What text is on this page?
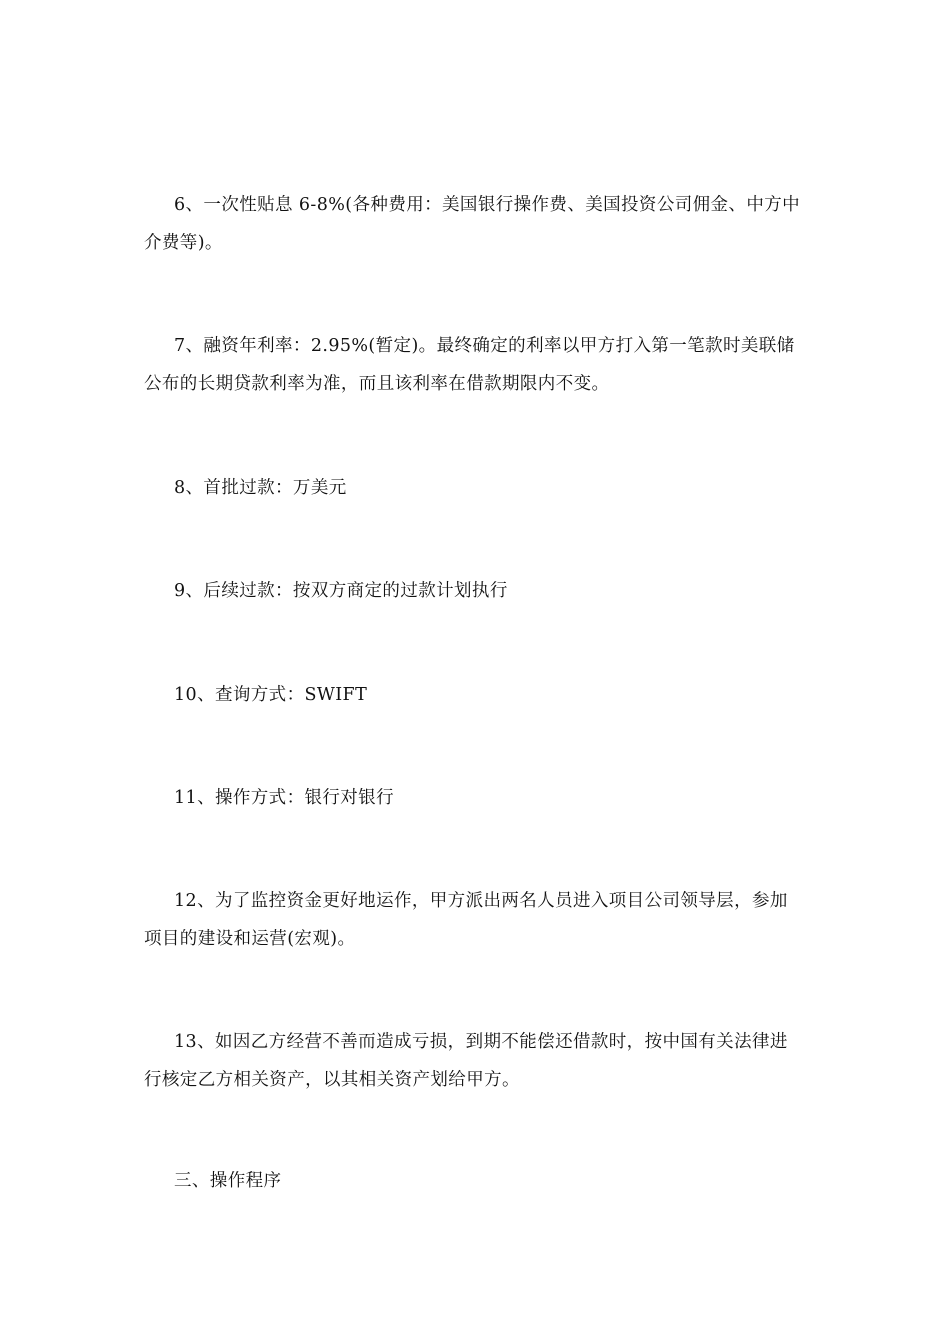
6、一次性贴息 6-8%(各种费用：美国银行操作费、美国投资公司佣金、中方中介费等)。

7、融资年利率：2.95%(暂定)。最终确定的利率以甲方打入第一笔款时美联储公布的长期贷款利率为准，而且该利率在借款期限内不变。

8、首批过款：万美元

9、后续过款：按双方商定的过款计划执行

10、查询方式：SWIFT

11、操作方式：银行对银行

12、为了监控资金更好地运作，甲方派出两名人员进入项目公司领导层，参加项目的建设和运营(宏观)。

13、如因乙方经营不善而造成亏损，到期不能偿还借款时，按中国有关法律进行核定乙方相关资产，以其相关资产划给甲方。

三、操作程序
